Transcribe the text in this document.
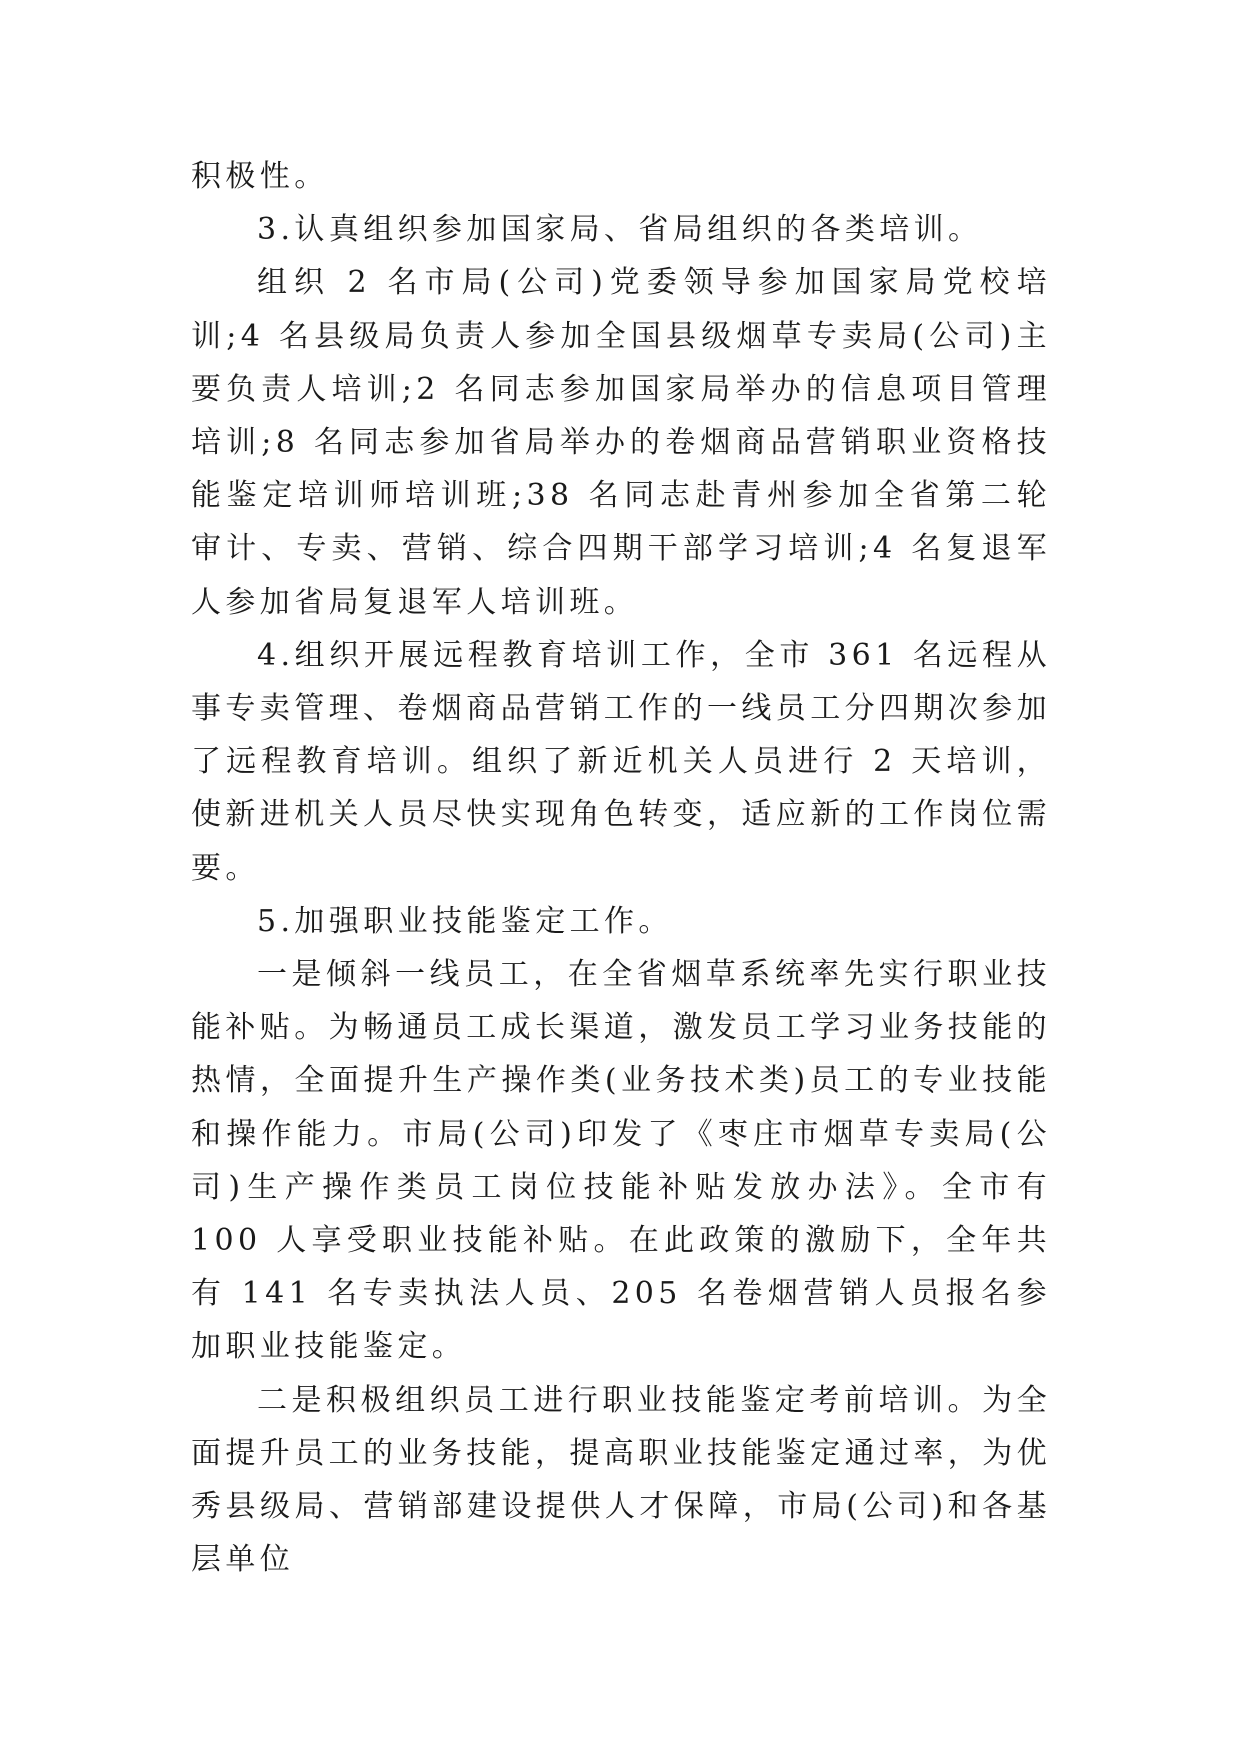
积极性。

3.认真组织参加国家局、省局组织的各类培训。

组织 2 名市局(公司)党委领导参加国家局党校培训;4 名县级局负责人参加全国县级烟草专卖局(公司)主要负责人培训;2 名同志参加国家局举办的信息项目管理培训;8 名同志参加省局举办的卷烟商品营销职业资格技能鉴定培训师培训班;38 名同志赴青州参加全省第二轮审计、专卖、营销、综合四期干部学习培训;4 名复退军人参加省局复退军人培训班。

4.组织开展远程教育培训工作，全市 361 名远程从事专卖管理、卷烟商品营销工作的一线员工分四期次参加了远程教育培训。组织了新近机关人员进行 2 天培训，使新进机关人员尽快实现角色转变，适应新的工作岗位需要。

5.加强职业技能鉴定工作。

一是倾斜一线员工，在全省烟草系统率先实行职业技能补贴。为畅通员工成长渠道，激发员工学习业务技能的热情，全面提升生产操作类(业务技术类)员工的专业技能和操作能力。市局(公司)印发了《枣庄市烟草专卖局(公司)生产操作类员工岗位技能补贴发放办法》。全市有 100 人享受职业技能补贴。在此政策的激励下，全年共有 141 名专卖执法人员、205 名卷烟营销人员报名参加职业技能鉴定。

二是积极组织员工进行职业技能鉴定考前培训。为全面提升员工的业务技能，提高职业技能鉴定通过率，为优秀县级局、营销部建设提供人才保障，市局(公司)和各基层单位
